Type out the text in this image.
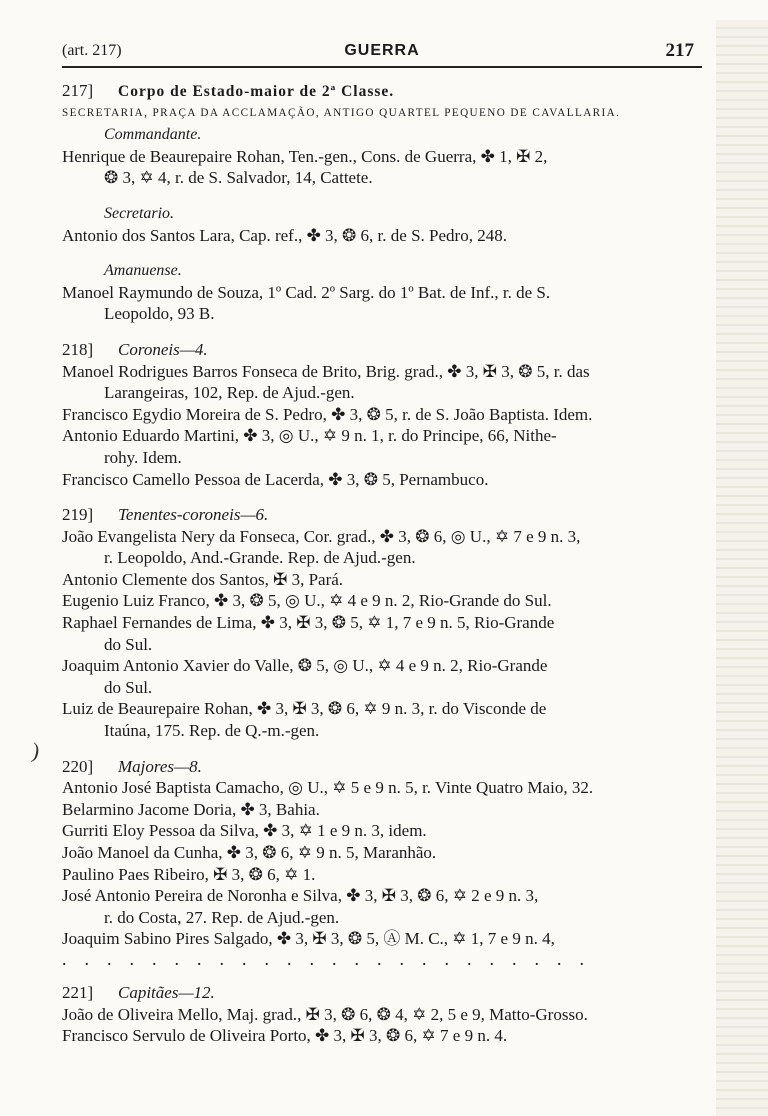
(art. 217)	GUERRA	217
217] Corpo de Estado-maior de 2ª Classe.
SECRETARIA, PRAÇA DA ACCLAMAÇÃO, ANTIGO QUARTEL PEQUENO DE CAVALLARIA.
Commandante.
Henrique de Beaurepaire Rohan, Ten.-gen., Cons. de Guerra, ✤ 1, ✠ 2,
❂ 3, ✡ 4, r. de S. Salvador, 14, Cattete.
Secretario.
Antonio dos Santos Lara, Cap. ref., ✤ 3, ❂ 6, r. de S. Pedro, 248.
Amanuense.
Manoel Raymundo de Souza, 1º Cad. 2º Sarg. do 1º Bat. de Inf., r. de S.
Leopoldo, 93 B.
218] Coroneis—4.
Manoel Rodrigues Barros Fonseca de Brito, Brig. grad., ✤ 3, ✠ 3, ❂ 5, r. das
Larangeiras, 102, Rep. de Ajud.-gen.
Francisco Egydio Moreira de S. Pedro, ✤ 3, ❂ 5, r. de S. João Baptista. Idem.
Antonio Eduardo Martini, ✤ 3, ◎ U., ✡ 9 n. 1, r. do Principe, 66, Nithe-
rohy. Idem.
Francisco Camello Pessoa de Lacerda, ✤ 3, ❂ 5, Pernambuco.
219] Tenentes-coroneis—6.
João Evangelista Nery da Fonseca, Cor. grad., ✤ 3, ❂ 6, ◎ U., ✡ 7 e 9 n. 3,
r. Leopoldo, And.-Grande. Rep. de Ajud.-gen.
Antonio Clemente dos Santos, ✠ 3, Pará.
Eugenio Luiz Franco, ✤ 3, ❂ 5, ◎ U., ✡ 4 e 9 n. 2, Rio-Grande do Sul.
Raphael Fernandes de Lima, ✤ 3, ✠ 3, ❂ 5, ✡ 1, 7 e 9 n. 5, Rio-Grande
do Sul.
Joaquim Antonio Xavier do Valle, ❂ 5, ◎ U., ✡ 4 e 9 n. 2, Rio-Grande
do Sul.
Luiz de Beaurepaire Rohan, ✤ 3, ✠ 3, ❂ 6, ✡ 9 n. 3, r. do Visconde de
Itaúna, 175. Rep. de Q.-m.-gen.
220] Majores—8.
Antonio José Baptista Camacho, ◎ U., ✡ 5 e 9 n. 5, r. Vinte Quatro Maio, 32.
Belarmino Jacome Doria, ✤ 3, Bahia.
Gurriti Eloy Pessoa da Silva, ✤ 3, ✡ 1 e 9 n. 3, idem.
João Manoel da Cunha, ✤ 3, ❂ 6, ✡ 9 n. 5, Maranhão.
Paulino Paes Ribeiro, ✠ 3, ❂ 6, ✡ 1.
José Antonio Pereira de Noronha e Silva, ✤ 3, ✠ 3, ❂ 6, ✡ 2 e 9 n. 3,
r. do Costa, 27. Rep. de Ajud.-gen.
Joaquim Sabino Pires Salgado, ✤ 3, ✠ 3, ❂ 5, Ⓐ M. C., ✡ 1, 7 e 9 n. 4,
........................
221] Capitães—12.
João de Oliveira Mello, Maj. grad., ✠ 3, ❂ 6, ❂ 4, ✡ 2, 5 e 9, Matto-Grosso.
Francisco Servulo de Oliveira Porto, ✤ 3, ✠ 3, ❂ 6, ✡ 7 e 9 n. 4.
)
